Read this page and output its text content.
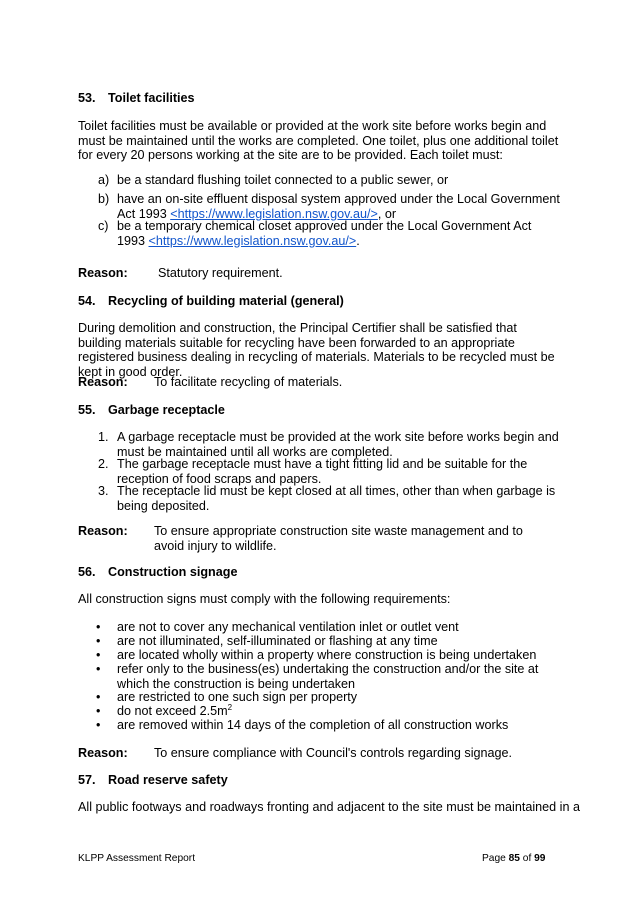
53. Toilet facilities
Toilet facilities must be available or provided at the work site before works begin and must be maintained until the works are completed. One toilet, plus one additional toilet for every 20 persons working at the site are to be provided. Each toilet must:
a) be a standard flushing toilet connected to a public sewer, or
b) have an on-site effluent disposal system approved under the Local Government Act 1993 <https://www.legislation.nsw.gov.au/>, or
c) be a temporary chemical closet approved under the Local Government Act 1993 <https://www.legislation.nsw.gov.au/>.
Reason: Statutory requirement.
54. Recycling of building material (general)
During demolition and construction, the Principal Certifier shall be satisfied that building materials suitable for recycling have been forwarded to an appropriate registered business dealing in recycling of materials. Materials to be recycled must be kept in good order.
Reason: To facilitate recycling of materials.
55. Garbage receptacle
1. A garbage receptacle must be provided at the work site before works begin and must be maintained until all works are completed.
2. The garbage receptacle must have a tight fitting lid and be suitable for the reception of food scraps and papers.
3. The receptacle lid must be kept closed at all times, other than when garbage is being deposited.
Reason: To ensure appropriate construction site waste management and to avoid injury to wildlife.
56. Construction signage
All construction signs must comply with the following requirements:
• are not to cover any mechanical ventilation inlet or outlet vent
• are not illuminated, self-illuminated or flashing at any time
• are located wholly within a property where construction is being undertaken
• refer only to the business(es) undertaking the construction and/or the site at which the construction is being undertaken
• are restricted to one such sign per property
• do not exceed $2.5m^2$
• are removed within 14 days of the completion of all construction works
Reason: To ensure compliance with Council's controls regarding signage.
57. Road reserve safety
All public footways and roadways fronting and adjacent to the site must be maintained in a
KLPP Assessment Report	Page 85 of 99
